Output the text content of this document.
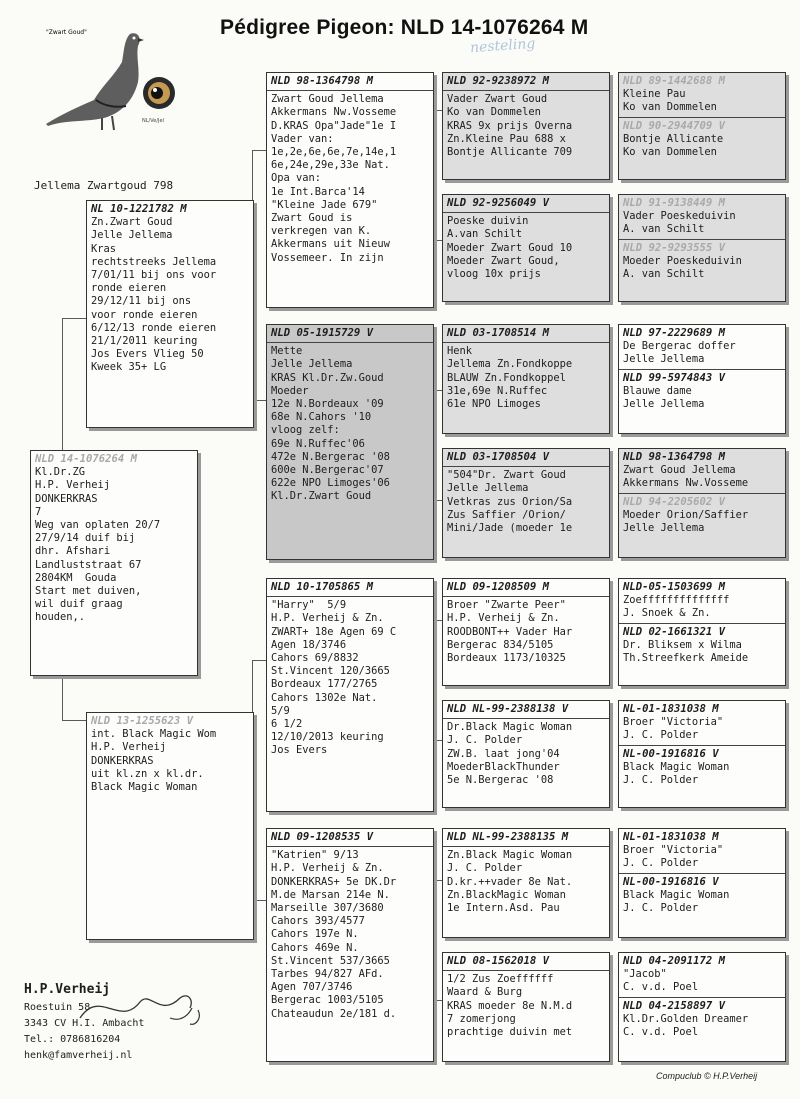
Pédigree Pigeon: NLD 14-1076264 M
nesteling
"Zwart Goud"
NL/Ve/Jel
Jellema Zwartgoud 798
NLD 14-1076264 M
Kl.Dr.ZG
H.P. Verheij
DONKERKRAS
7
Weg van oplaten 20/7
27/9/14 duif bij
dhr. Afshari
Landluststraat 67
2804KM  Gouda
Start met duiven,
wil duif graag
houden,.
NL 10-1221782 M
Zn.Zwart Goud
Jelle Jellema
Kras
rechtstreeks Jellema
7/01/11 bij ons voor
ronde eieren
29/12/11 bij ons
voor ronde eieren
6/12/13 ronde eieren
21/1/2011 keuring
Jos Evers Vlieg 50
Kweek 35+ LG
NLD 13-1255623 V
int. Black Magic Wom
H.P. Verheij
DONKERKRAS
uit kl.zn x kl.dr.
Black Magic Woman
NLD 98-1364798 M
Zwart Goud Jellema
Akkermans Nw.Vosseme
D.KRAS Opa"Jade"1e I
Vader van:
1e,2e,6e,6e,7e,14e,1
6e,24e,29e,33e Nat.
Opa van:
1e Int.Barca'14
"Kleine Jade 679"
Zwart Goud is
verkregen van K.
Akkermans uit Nieuw
Vossemeer. In zijn
NLD 05-1915729 V
Mette
Jelle Jellema
KRAS Kl.Dr.Zw.Goud
Moeder
12e N.Bordeaux '09
68e N.Cahors '10
vloog zelf:
69e N.Ruffec'06
472e N.Bergerac '08
600e N.Bergerac'07
622e NPO Limoges'06
Kl.Dr.Zwart Goud
NLD 10-1705865 M
"Harry"  5/9
H.P. Verheij & Zn.
ZWART+ 18e Agen 69 C
Agen 18/3746
Cahors 69/8832
St.Vincent 120/3665
Bordeaux 177/2765
Cahors 1302e Nat.
5/9
6 1/2
12/10/2013 keuring
Jos Evers
NLD 09-1208535 V
"Katrien" 9/13
H.P. Verheij & Zn.
DONKERKRAS+ 5e DK.Dr
M.de Marsan 214e N.
Marseille 307/3680
Cahors 393/4577
Cahors 197e N.
Cahors 469e N.
St.Vincent 537/3665
Tarbes 94/827 AFd.
Agen 707/3746
Bergerac 1003/5105
Chateaudun 2e/181 d.
NLD 92-9238972 M
Vader Zwart Goud
Ko van Dommelen
KRAS 9x prijs Overna
Zn.Kleine Pau 688 x
Bontje Allicante 709
NLD 92-9256049 V
Poeske duivin
A.van Schilt
Moeder Zwart Goud 10
Moeder Zwart Goud,
vloog 10x prijs
NLD 03-1708514 M
Henk
Jellema Zn.Fondkoppe
BLAUW Zn.Fondkoppel
31e,69e N.Ruffec
61e NPO Limoges
NLD 03-1708504 V
"504"Dr. Zwart Goud
Jelle Jellema
Vetkras zus Orion/Sa
Zus Saffier /Orion/
Mini/Jade (moeder 1e
NLD 09-1208509 M
Broer "Zwarte Peer"
H.P. Verheij & Zn.
ROODBONT++ Vader Har
Bergerac 834/5105
Bordeaux 1173/10325
NLD NL-99-2388138 V
Dr.Black Magic Woman
J. C. Polder
ZW.B. laat jong'04
MoederBlackThunder
5e N.Bergerac '08
NLD NL-99-2388135 M
Zn.Black Magic Woman
J. C. Polder
D.kr.++vader 8e Nat.
Zn.BlackMagic Woman
1e Intern.Asd. Pau
NLD 08-1562018 V
1/2 Zus Zoeffffff
Waard & Burg
KRAS moeder 8e N.M.d
7 zomerjong
prachtige duivin met
NLD 89-1442688 M
Kleine Pau
Ko van Dommelen
NLD 90-2944709 V
Bontje Allicante
Ko van Dommelen
NLD 91-9138449 M
Vader Poeskeduivin
A. van Schilt
NLD 92-9293555 V
Moeder Poeskeduivin
A. van Schilt
NLD 97-2229689 M
De Bergerac doffer
Jelle Jellema
NLD 99-5974843 V
Blauwe dame
Jelle Jellema
NLD 98-1364798 M
Zwart Goud Jellema
Akkermans Nw.Vosseme
NLD 94-2205602 V
Moeder Orion/Saffier
Jelle Jellema
NLD-05-1503699 M
Zoeffffffffffffff
J. Snoek & Zn.
NLD 02-1661321 V
Dr. Bliksem x Wilma
Th.Streefkerk Ameide
NL-01-1831038 M
Broer "Victoria"
J. C. Polder
NL-00-1916816 V
Black Magic Woman
J. C. Polder
NL-01-1831038 M
Broer "Victoria"
J. C. Polder
NL-00-1916816 V
Black Magic Woman
J. C. Polder
NLD 04-2091172 M
"Jacob"
C. v.d. Poel
NLD 04-2158897 V
Kl.Dr.Golden Dreamer
C. v.d. Poel
H.P.Verheij
Roestuin 58
3343 CV H.I. Ambacht
Tel.: 0786816204
henk@famverheij.nl
Compuclub © H.P.Verheij
